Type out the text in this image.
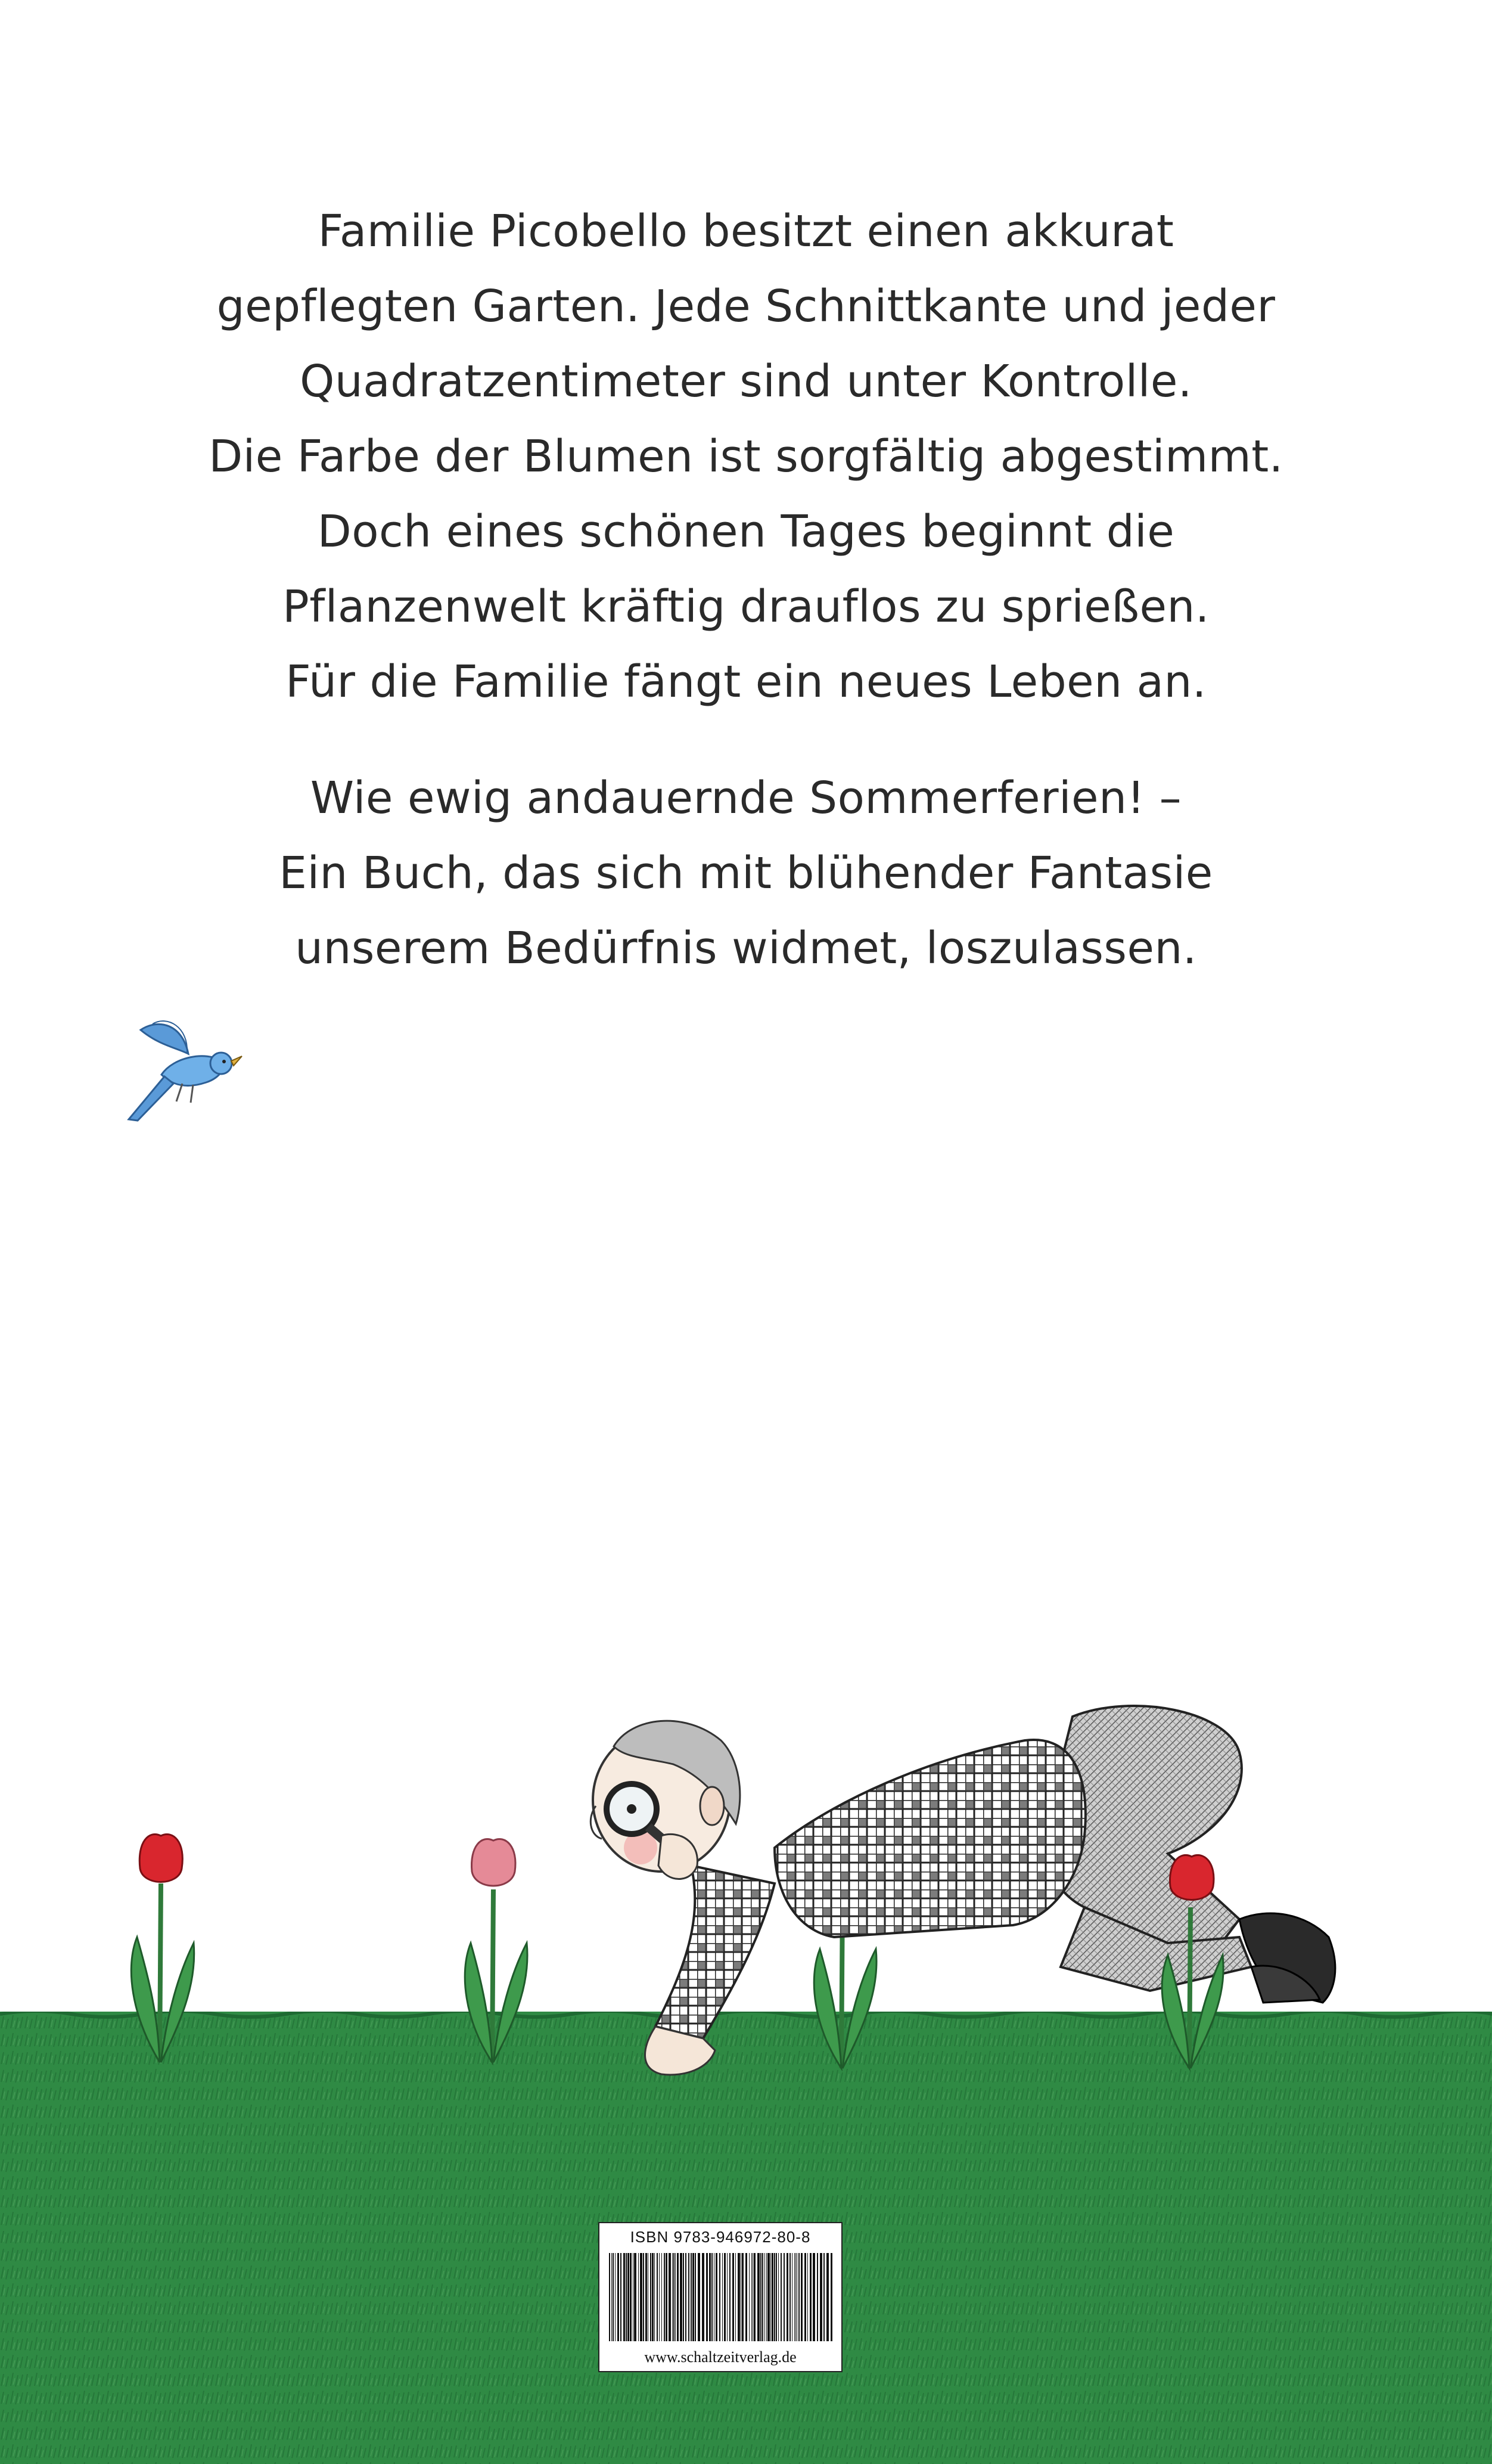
Familie Picobello besitzt einen akkurat
gepflegten Garten. Jede Schnittkante und jeder
Quadratzentimeter sind unter Kontrolle.
Die Farbe der Blumen ist sorgfältig abgestimmt.
Doch eines schönen Tages beginnt die
Pflanzenwelt kräftig drauflos zu sprießen.
Für die Familie fängt ein neues Leben an.
Wie ewig andauernde Sommerferien! –
Ein Buch, das sich mit blühender Fantasie
unserem Bedürfnis widmet, loszulassen.
ISBN 9783-946972-80-8
www.schaltzeitverlag.de
